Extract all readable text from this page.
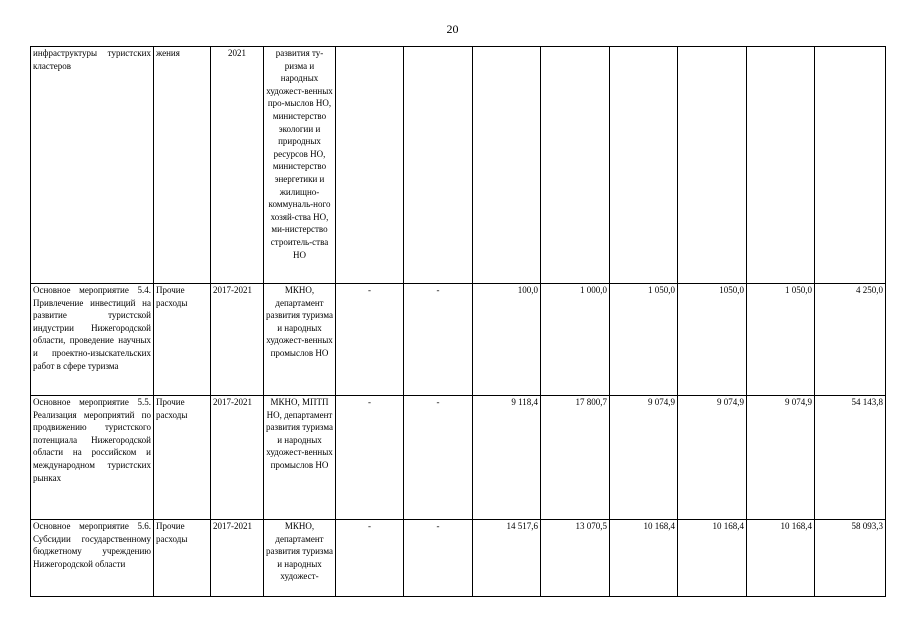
20
инфраструктуры туристских кластеров	жения	2021	развития ту-ризма и народных художест-венных про-мыслов НО, министерство экологии и природных ресурсов НО, министерство энергетики и жилищно-коммуналь-ного хозяй-ства НО, ми-нистерство строитель-ства НО								
Основное мероприятие 5.4. Привлечение инвестиций на развитие туристской индустрии Нижегородской области, проведение научных и проектно-изыскательских работ в сфере туризма	Прочие расходы	2017-2021	МКНО, департамент развития туризма и народных художест-венных промыслов НО	-	-	100,0	1 000,0	1 050,0	1050,0	1 050,0	4 250,0
Основное мероприятие 5.5. Реализация мероприятий по продвижению туристского потенциала Нижегородской области на российском и международном туристских рынках	Прочие расходы	2017-2021	МКНО, МПТП НО, департамент развития туризма и народных художест-венных промыслов НО	-	-	9 118,4	17 800,7	9 074,9	9 074,9	9 074,9	54 143,8

Основное мероприятие 5.6. Субсидии государственному бюджетному учреждению Нижегородской области	Прочие расходы	2017-2021	МКНО, департамент развития туризма и народных художест-	-	-	14 517,6	13 070,5	10 168,4	10 168,4	10 168,4	58 093,3
